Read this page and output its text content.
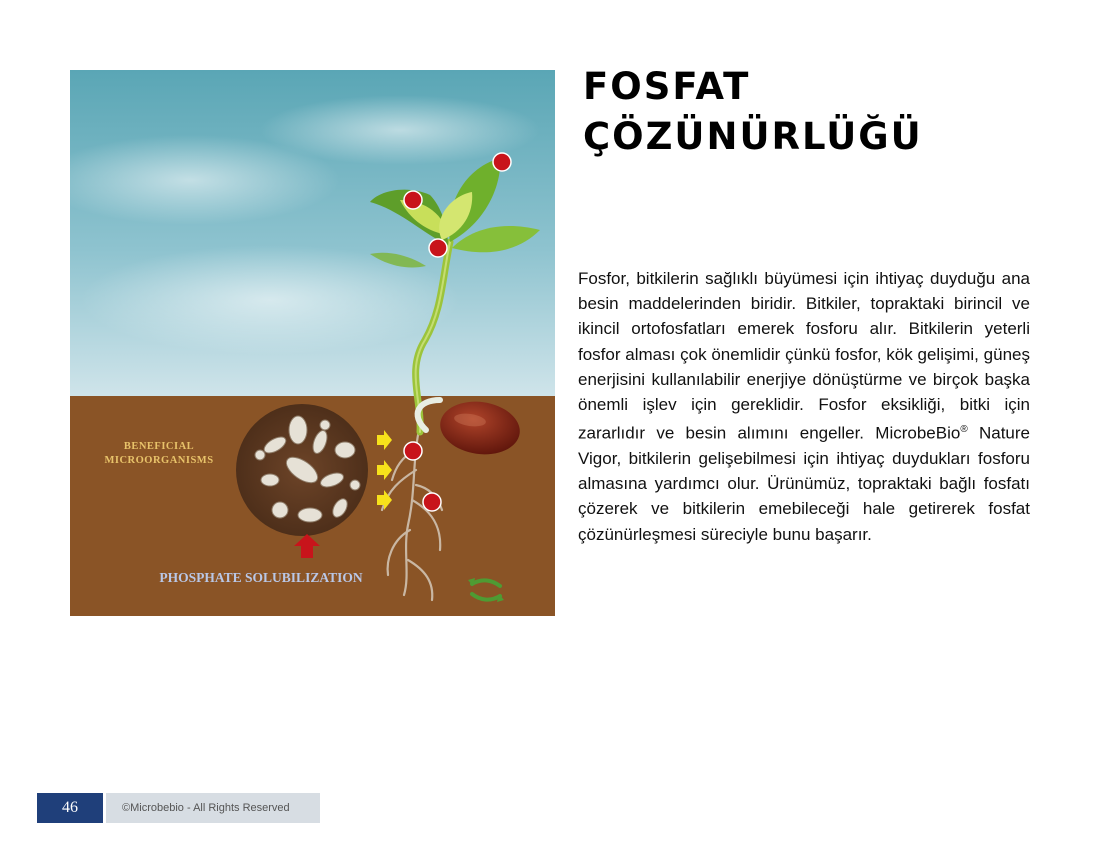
BENEFICIAL
MICROORGANISMS
PHOSPHATE SOLUBILIZATION
FOSFAT
ÇÖZÜNÜRLÜĞÜ

Fosfor, bitkilerin sağlıklı büyümesi için ihtiyaç duyduğu ana besin maddelerinden biridir. Bitkiler, topraktaki birincil ve ikincil ortofosfatları emerek fosforu alır. Bitkilerin yeterli fosfor alması çok önemlidir çünkü fosfor, kök gelişimi, güneş enerjisini kullanılabilir enerjiye dönüştürme ve birçok başka önemli işlev için gereklidir. Fosfor eksikliği, bitki için zararlıdır ve besin alımını engeller. MicrobeBio® Nature Vigor, bitkilerin gelişebilmesi için ihtiyaç duydukları fosforu almasına yardımcı olur. Ürünümüz, topraktaki bağlı fosfatı çözerek ve bitkilerin emebileceği hale getirerek fosfat çözünürleşmesi süreciyle bunu başarır.

46	©Microbebio - All Rights Reserved
